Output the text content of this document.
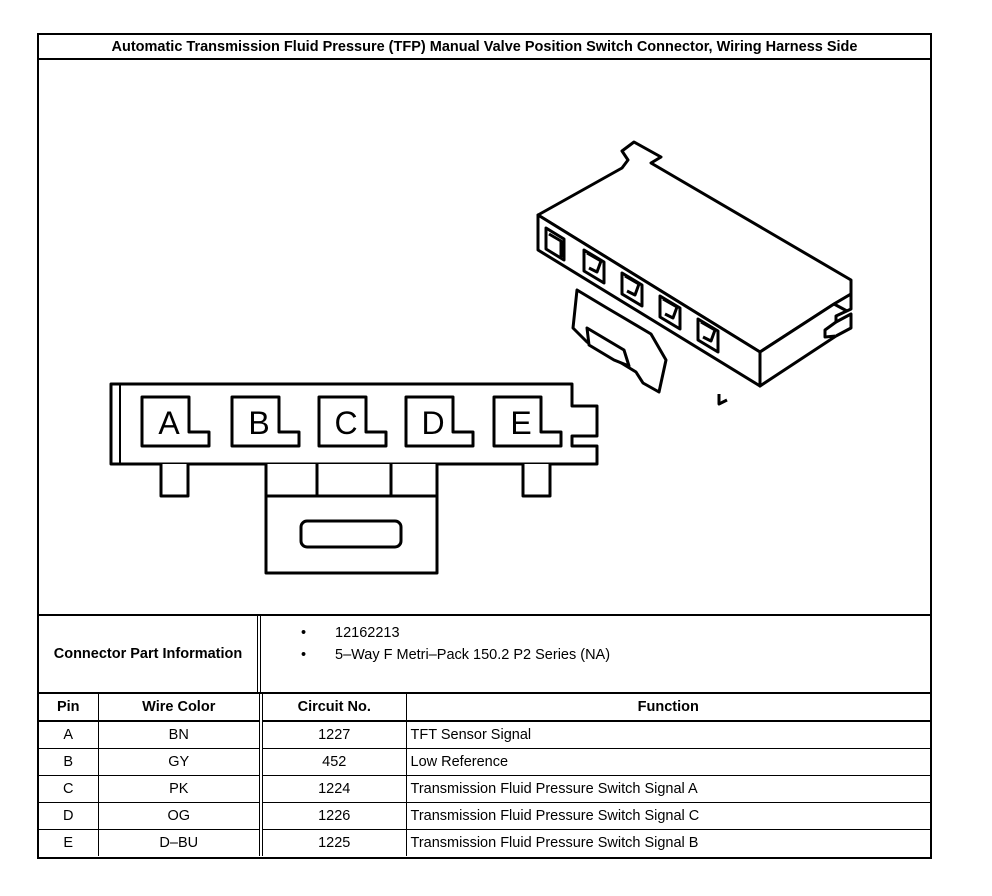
Automatic Transmission Fluid Pressure (TFP) Manual Valve Position Switch Connector, Wiring Harness Side
A B C D E
Connector Part Information
• 12162213
• 5–Way F Metri–Pack 150.2 P2 Series (NA)
Pin	Wire Color	Circuit No.	Function
A	BN	1227	TFT Sensor Signal
B	GY	452	Low Reference
C	PK	1224	Transmission Fluid Pressure Switch Signal A
D	OG	1226	Transmission Fluid Pressure Switch Signal C
E	D–BU	1225	Transmission Fluid Pressure Switch Signal B
